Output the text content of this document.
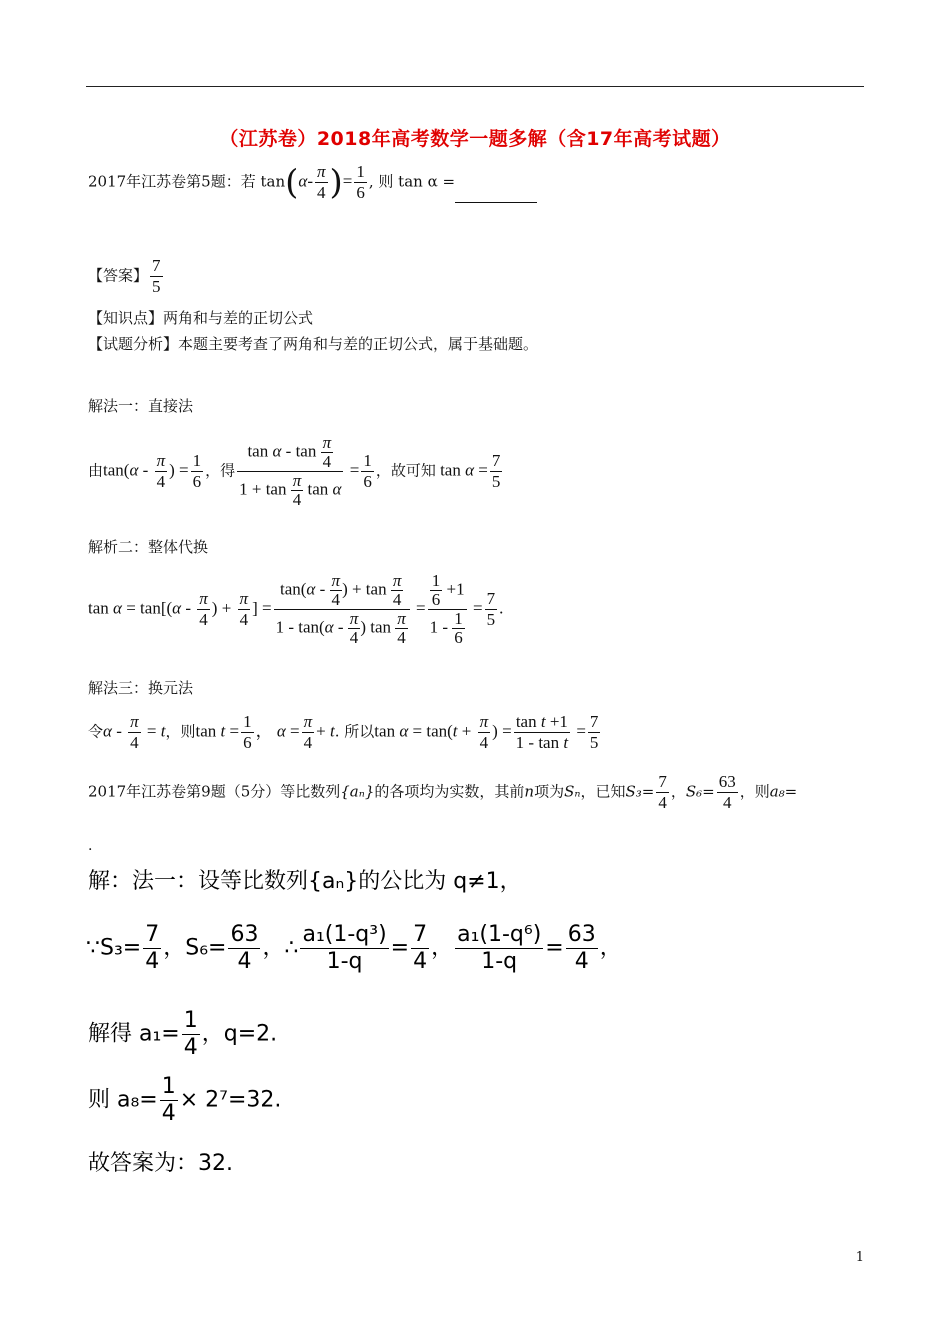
（江苏卷）2018年高考数学一题多解（含17年高考试题）
2017年江苏卷第5题：若 $\tan(\alpha- \frac{\pi}{4}$ )= $\frac{1}{6}$ , 则 tan α =
【答案】 $\frac{7}{5}$
【知识点】两角和与差的正切公式
【试题分析】本题主要考查了两角和与差的正切公式，属于基础题。
解法一：直接法
由$\tan(\alpha - \frac{\pi}{4}$ ) = $\frac{1}{6}$ ，得 $\frac{\tan \alpha - \tan \frac{\pi}{4}}{1 + \tan \frac{\pi}{4} \tan \alpha} = \frac{1}{6}$ ，故可知 $\tan \alpha = \frac{7}{5}$
解析二：整体代换
$\tan \alpha = \tan[(\alpha - \frac{\pi}{4}$ ) + $\frac{\pi}{4}$ ] = $\frac{\tan(\alpha - \frac{\pi}{4} ) + \tan \frac{\pi}{4}}{1 - \tan(\alpha - \frac{\pi}{4} ) \tan \frac{\pi}{4}} = \frac{\frac{1}{6} +1}{1 - \frac{1}{6}} = \frac{7}{5}$ .
解法三：换元法
令$\alpha - \frac{\pi}{4} = t$，则$\tan t = \frac{1}{6}$ ， $\alpha = \frac{\pi}{4} + t$. 所以$\tan \alpha = \tan(t + \frac{\pi}{4}$ ) = $\frac{\text{tan t +1}}{\text{1 - tan t}} = \frac{7}{5}$
2017年江苏卷第9题（5分）等比数列{aₙ}的各项均为实数，其前n项为Sₙ，已知$S_3= \frac{7}{4}$ ，$S_6= \frac{63}{4}$ ，则a₈=
.
解：法一：设等比数列{aₙ}的公比为 q≠1，
∵S₃= $\frac{7}{4}$ ，$S_6= \frac{63}{4}$ ，∴ $\frac{\text{a₁(1-q³)}}{1-q} = \frac{7}{4}$ ， $\frac{\text{a₁(1-q⁶)}}{1-q} = \frac{63}{4}$ ，
解得 $a_1= \frac{1}{4}$ ，q=2.
则 $a_8= \frac{1}{4} \times 2^7=32$.
故答案为：32.
1
